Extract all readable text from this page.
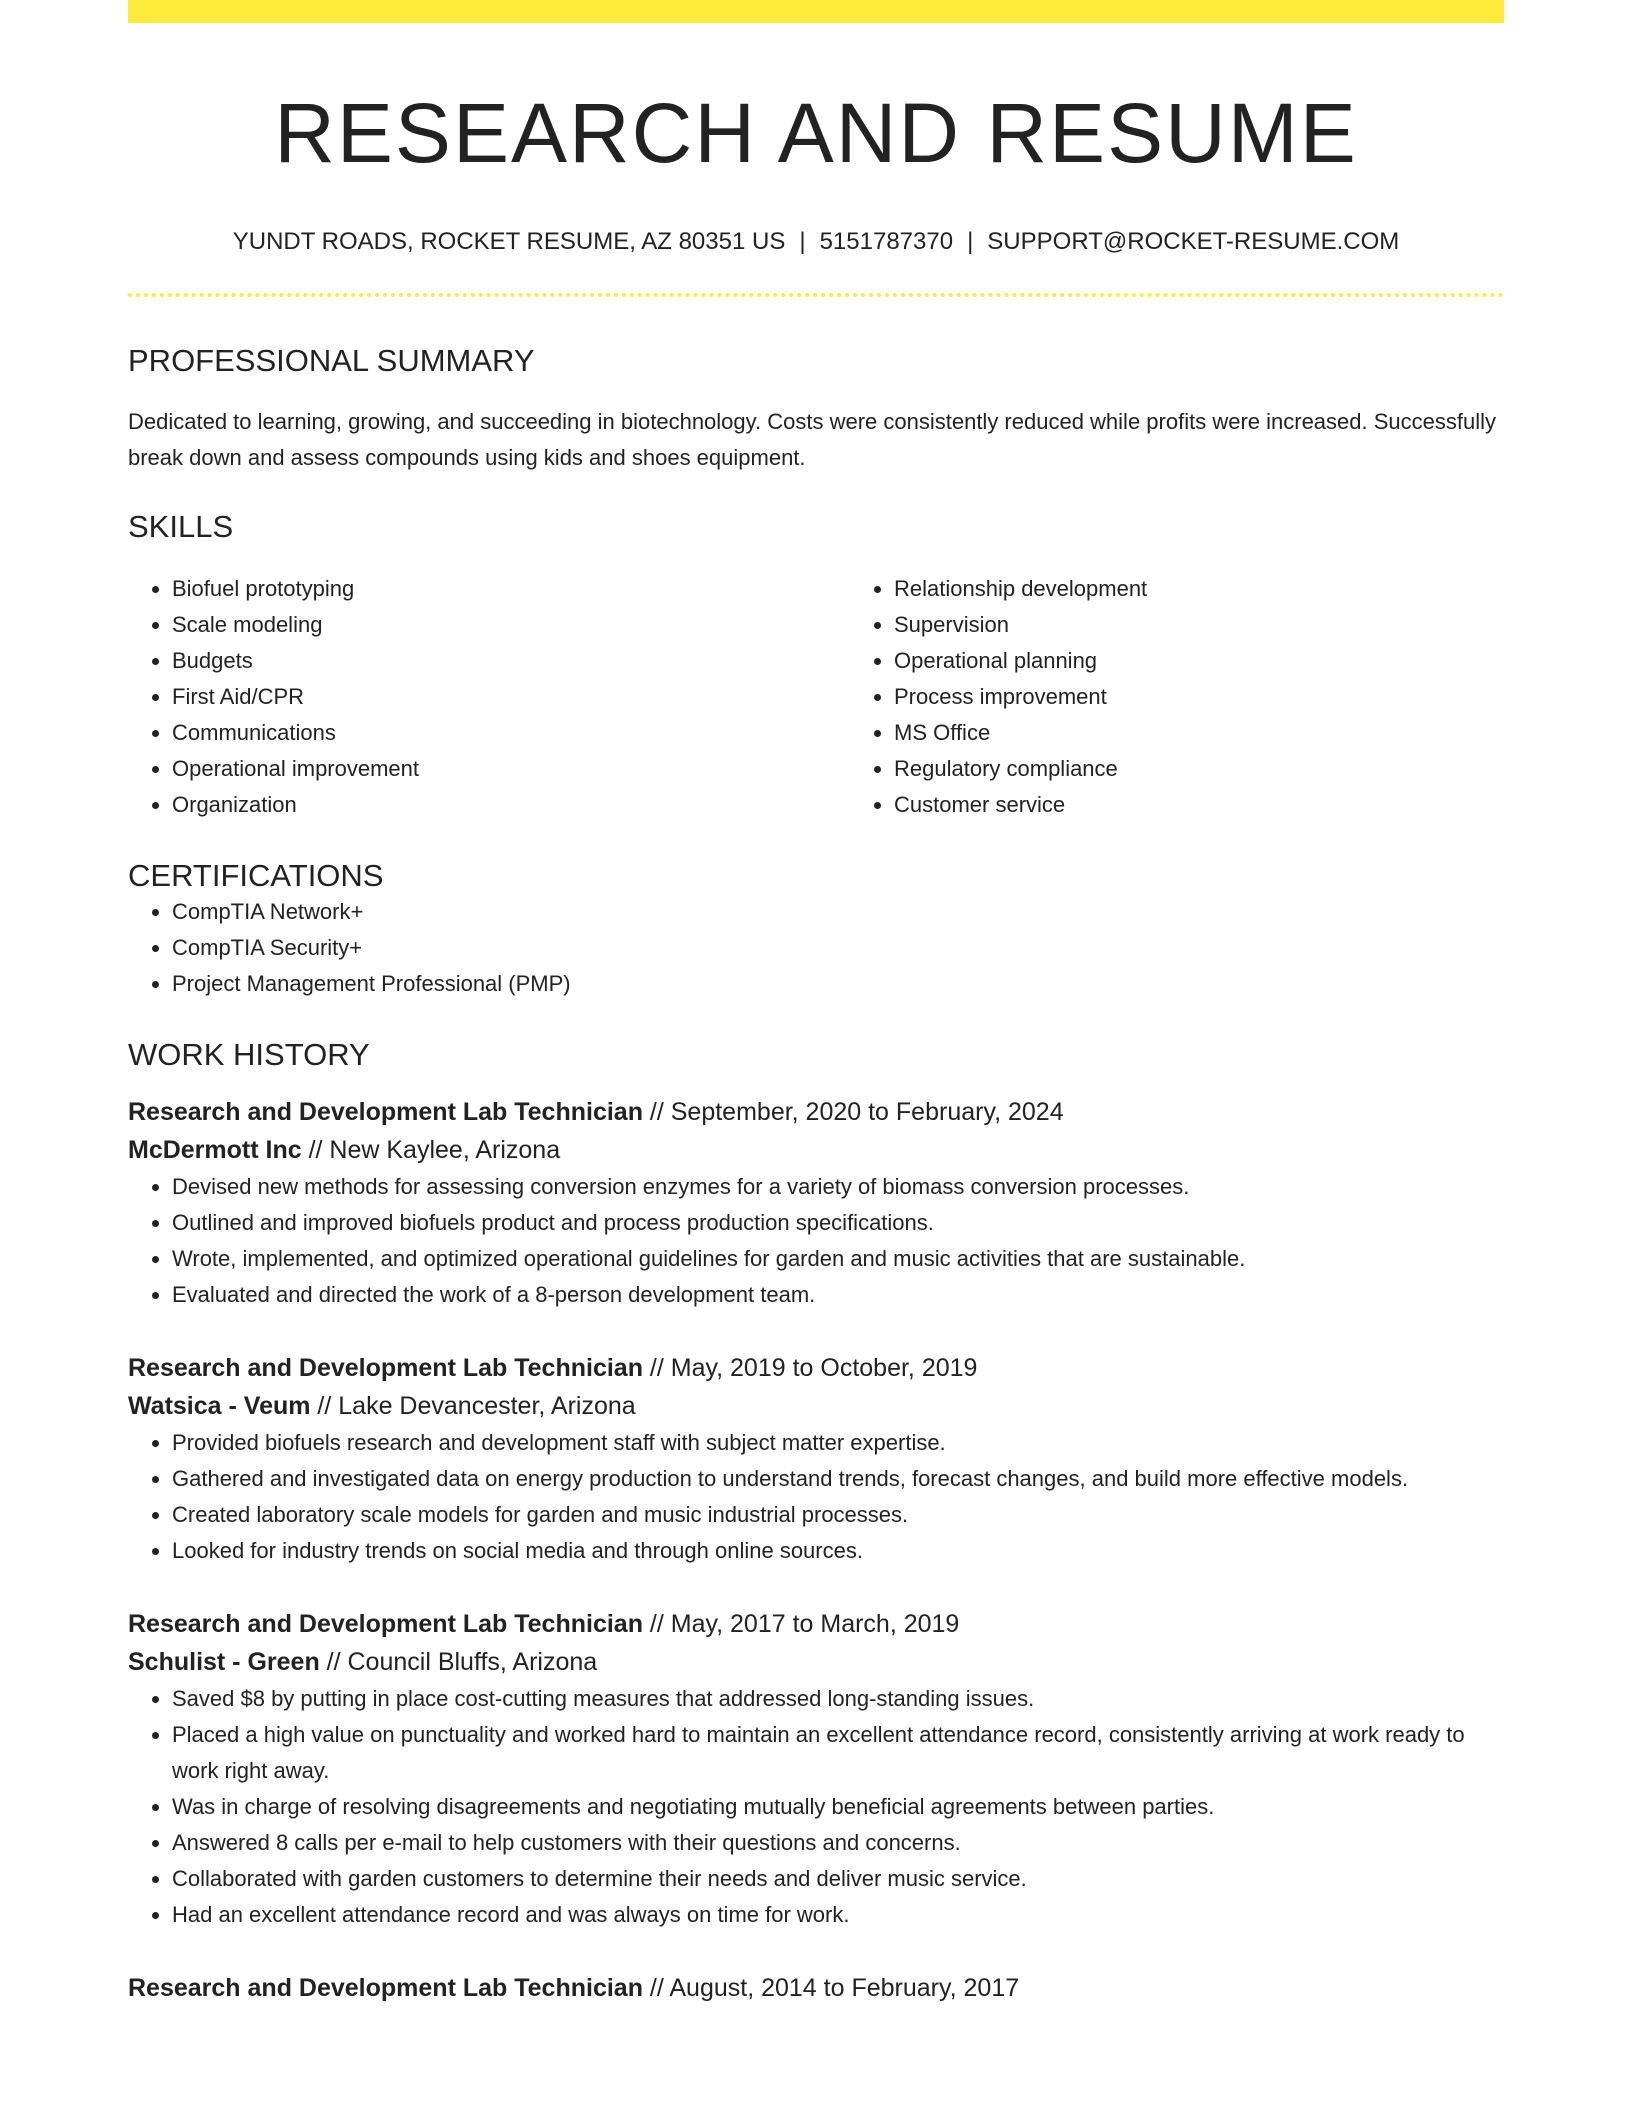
RESEARCH AND RESUME
YUNDT ROADS, ROCKET RESUME, AZ 80351 US | 5151787370 | SUPPORT@ROCKET-RESUME.COM
PROFESSIONAL SUMMARY

Dedicated to learning, growing, and succeeding in biotechnology. Costs were consistently reduced while profits were increased. Successfully break down and assess compounds using kids and shoes equipment.

SKILLS
• Biofuel prototyping
• Scale modeling
• Budgets
• First Aid/CPR
• Communications
• Operational improvement
• Organization
• Relationship development
• Supervision
• Operational planning
• Process improvement
• MS Office
• Regulatory compliance
• Customer service
CERTIFICATIONS
• CompTIA Network+
• CompTIA Security+
• Project Management Professional (PMP)
WORK HISTORY
Research and Development Lab Technician // September, 2020 to February, 2024
McDermott Inc // New Kaylee, Arizona
• Devised new methods for assessing conversion enzymes for a variety of biomass conversion processes.
• Outlined and improved biofuels product and process production specifications.
• Wrote, implemented, and optimized operational guidelines for garden and music activities that are sustainable.
• Evaluated and directed the work of a 8-person development team.
Research and Development Lab Technician // May, 2019 to October, 2019
Watsica - Veum // Lake Devancester, Arizona
• Provided biofuels research and development staff with subject matter expertise.
• Gathered and investigated data on energy production to understand trends, forecast changes, and build more effective models.
• Created laboratory scale models for garden and music industrial processes.
• Looked for industry trends on social media and through online sources.
Research and Development Lab Technician // May, 2017 to March, 2019
Schulist - Green // Council Bluffs, Arizona
• Saved $8 by putting in place cost-cutting measures that addressed long-standing issues.
• Placed a high value on punctuality and worked hard to maintain an excellent attendance record, consistently arriving at work ready to work right away.
• Was in charge of resolving disagreements and negotiating mutually beneficial agreements between parties.
• Answered 8 calls per e-mail to help customers with their questions and concerns.
• Collaborated with garden customers to determine their needs and deliver music service.
• Had an excellent attendance record and was always on time for work.
Research and Development Lab Technician // August, 2014 to February, 2017
